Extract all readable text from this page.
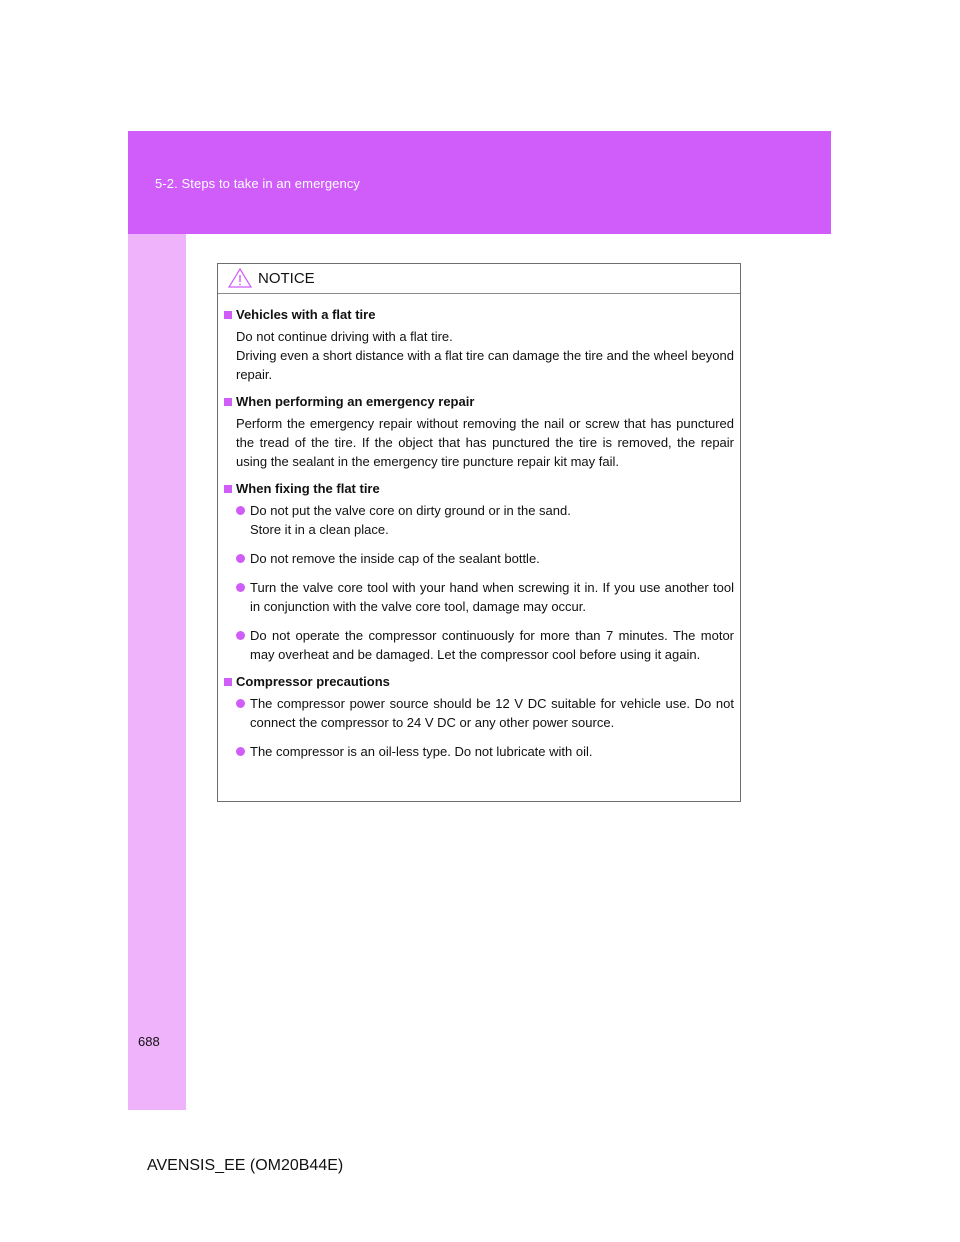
5-2. Steps to take in an emergency
NOTICE
Vehicles with a flat tire
Do not continue driving with a flat tire.
Driving even a short distance with a flat tire can damage the tire and the wheel beyond repair.
When performing an emergency repair
Perform the emergency repair without removing the nail or screw that has punctured the tread of the tire. If the object that has punctured the tire is removed, the repair using the sealant in the emergency tire puncture repair kit may fail.
When fixing the flat tire
Do not put the valve core on dirty ground or in the sand.
Store it in a clean place.
Do not remove the inside cap of the sealant bottle.
Turn the valve core tool with your hand when screwing it in. If you use another tool in conjunction with the valve core tool, damage may occur.
Do not operate the compressor continuously for more than 7 minutes. The motor may overheat and be damaged. Let the compressor cool before using it again.
Compressor precautions
The compressor power source should be 12 V DC suitable for vehicle use. Do not connect the compressor to 24 V DC or any other power source.
The compressor is an oil-less type. Do not lubricate with oil.
688
AVENSIS_EE (OM20B44E)
